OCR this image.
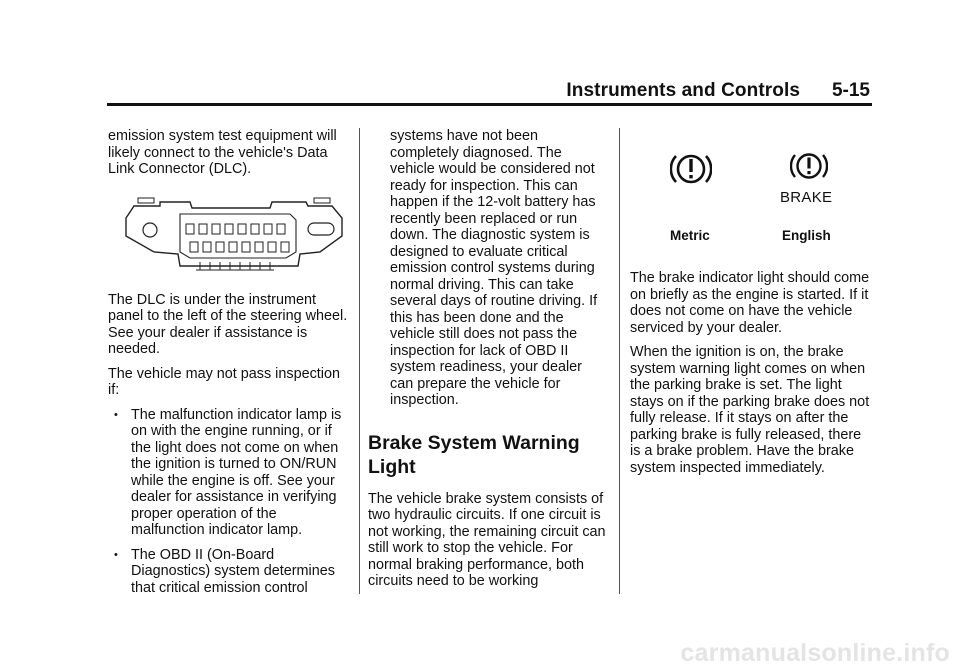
Instruments and Controls 5-15

emission system test equipment will likely connect to the vehicle's Data Link Connector (DLC).

The DLC is under the instrument panel to the left of the steering wheel. See your dealer if assistance is needed.

The vehicle may not pass inspection if:

• The malfunction indicator lamp is on with the engine running, or if the light does not come on when the ignition is turned to ON/RUN while the engine is off. See your dealer for assistance in verifying proper operation of the malfunction indicator lamp.
• The OBD II (On-Board Diagnostics) system determines that critical emission control

systems have not been completely diagnosed. The vehicle would be considered not ready for inspection. This can happen if the 12-volt battery has recently been replaced or run down. The diagnostic system is designed to evaluate critical emission control systems during normal driving. This can take several days of routine driving. If this has been done and the vehicle still does not pass the inspection for lack of OBD II system readiness, your dealer can prepare the vehicle for inspection.

Brake System Warning Light

The vehicle brake system consists of two hydraulic circuits. If one circuit is not working, the remaining circuit can still work to stop the vehicle. For normal braking performance, both circuits need to be working

BRAKE
Metric	English

The brake indicator light should come on briefly as the engine is started. If it does not come on have the vehicle serviced by your dealer.

When the ignition is on, the brake system warning light comes on when the parking brake is set. The light stays on if the parking brake does not fully release. If it stays on after the parking brake is fully released, there is a brake problem. Have the brake system inspected immediately.

carmanualsonline.info
